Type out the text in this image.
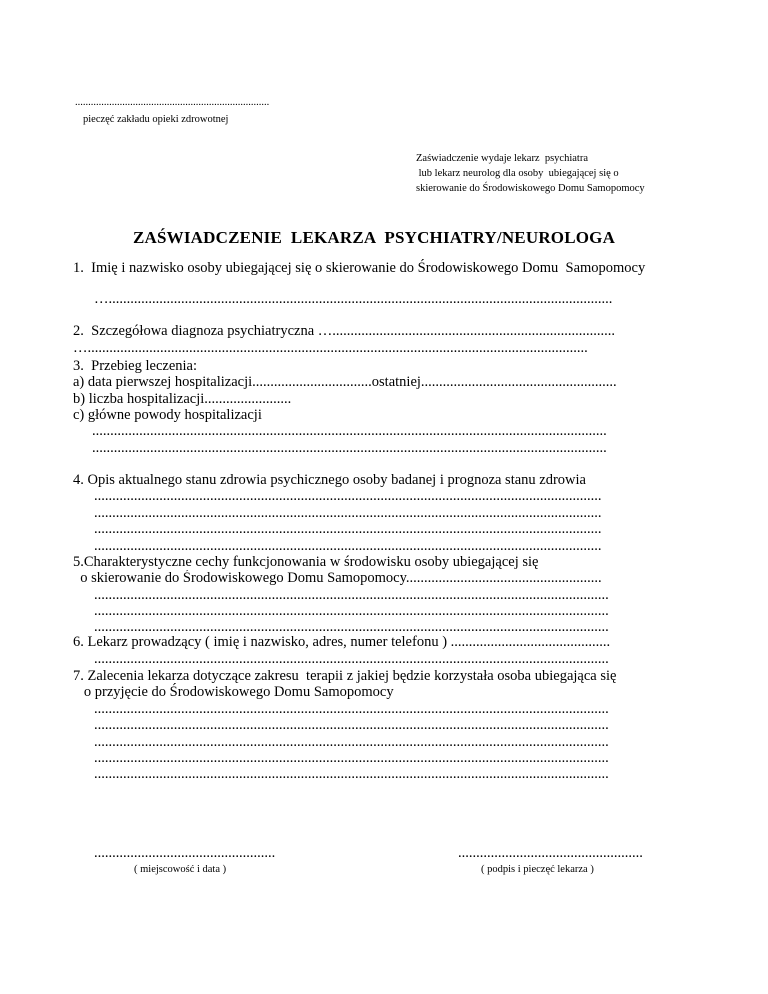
..........................................................................
pieczęć zakładu opieki zdrowotnej
Zaświadczenie wydaje lekarz  psychiatra
lub lekarz neurolog dla osoby  ubiegającej się o
skierowanie do Środowiskowego Domu Samopomocy
ZAŚWIADCZENIE  LEKARZA  PSYCHIATRY/NEUROLOGA
1.  Imię i nazwisko osoby ubiegającej się o skierowanie do Środowiskowego Domu  Samopomocy
…...........................................................................................................................................
2.  Szczegółowa diagnoza psychiatryczna …..............................................................................
…..........................................................................................................................................
3.  Przebieg leczenia:
a) data pierwszej hospitalizacji.................................ostatniej......................................................
b) liczba hospitalizacji........................
c) główne powody hospitalizacji
..............................................................................................................................................
..............................................................................................................................................
4. Opis aktualnego stanu zdrowia psychicznego osoby badanej i prognoza stanu zdrowia
............................................................................................................................................
............................................................................................................................................
............................................................................................................................................
............................................................................................................................................
5.Charakterystyczne cechy funkcjonowania w środowisku osoby ubiegającej się
o skierowanie do Środowiskowego Domu Samopomocy......................................................
..............................................................................................................................................
..............................................................................................................................................
..............................................................................................................................................
6. Lekarz prowadzący ( imię i nazwisko, adres, numer telefonu ) ............................................
..............................................................................................................................................
7. Zalecenia lekarza dotyczące zakresu  terapii z jakiej będzie korzystała osoba ubiegająca się
o przyjęcie do Środowiskowego Domu Samopomocy
..............................................................................................................................................
..............................................................................................................................................
..............................................................................................................................................
..............................................................................................................................................
..............................................................................................................................................
..................................................
( miejscowość i data )
...................................................
( podpis i pieczęć lekarza )
